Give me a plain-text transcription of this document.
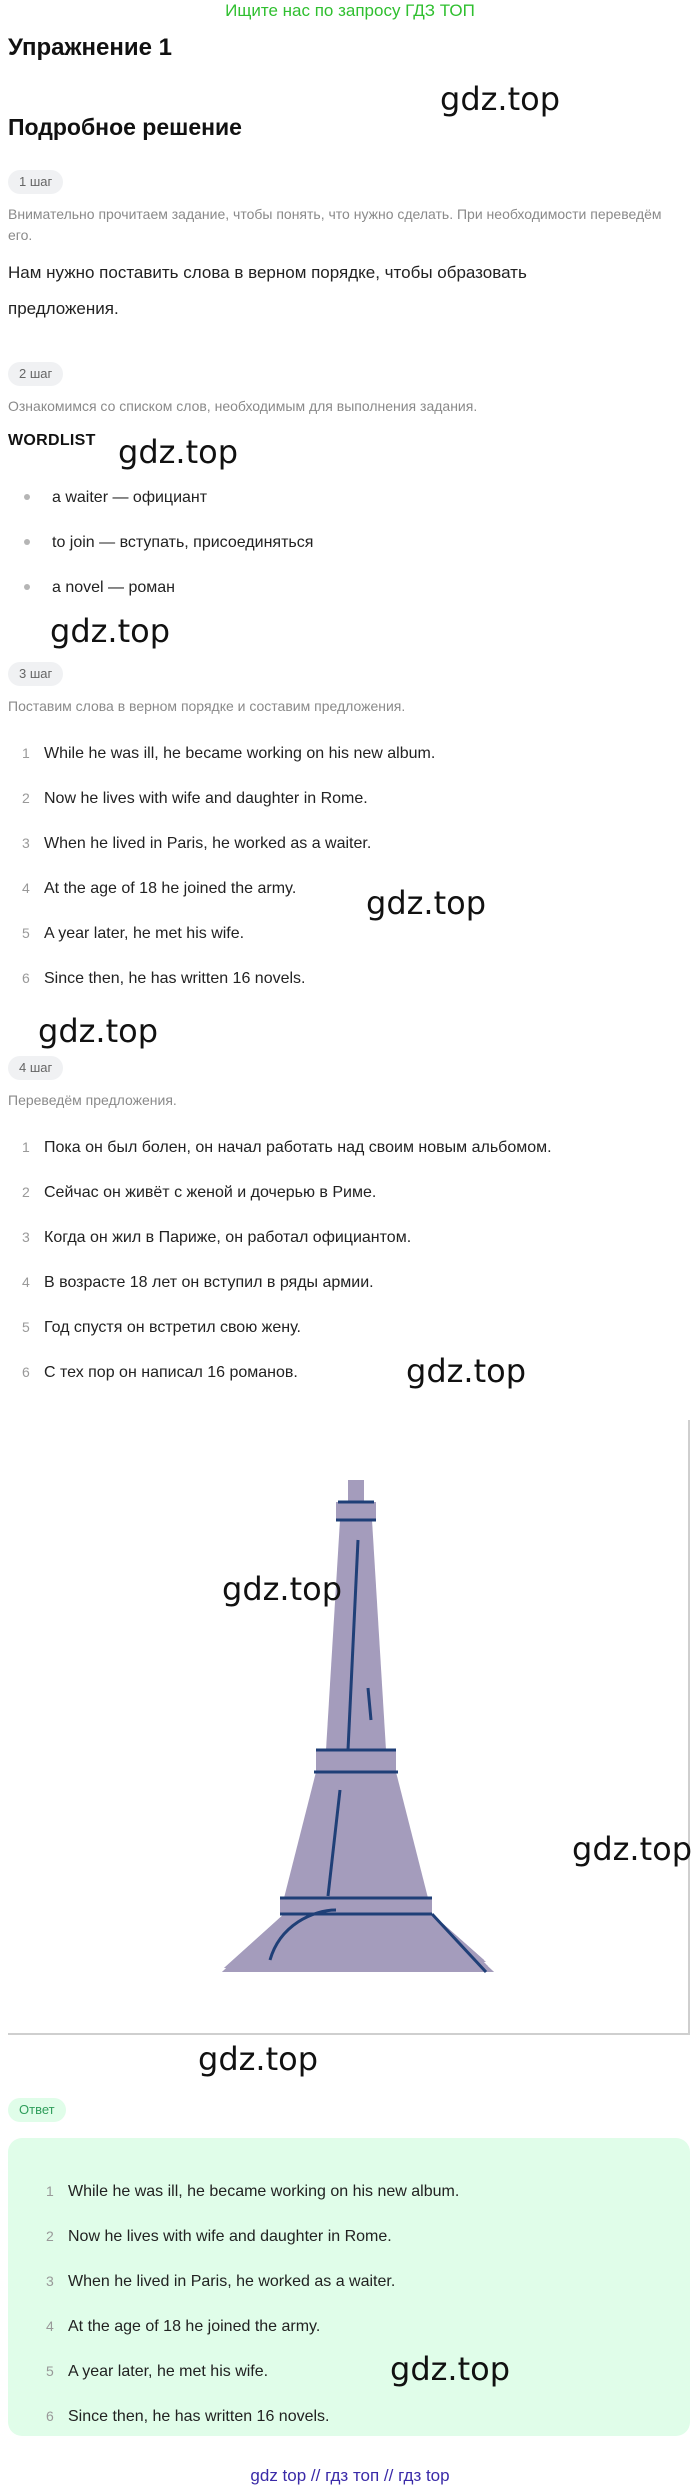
Ищите нас по запросу ГДЗ ТОП
Упражнение 1
gdz.top
Подробное решение
1 шаг
Внимательно прочитаем задание, чтобы понять, что нужно сделать. При необходимости переведём его.
Нам нужно поставить слова в верном порядке, чтобы образовать предложения.
2 шаг
Ознакомимся со списком слов, необходимым для выполнения задания.
WORDLIST gdz.top
a waiter — официант
to join — вступать, присоединяться
a novel — роман
gdz.top
3 шаг
Поставим слова в верном порядке и составим предложения.
1 While he was ill, he became working on his new album.
2 Now he lives with wife and daughter in Rome.
3 When he lived in Paris, he worked as a waiter.
4 At the age of 18 he joined the army. gdz.top
5 A year later, he met his wife.
6 Since then, he has written 16 novels.
gdz.top
4 шаг
Переведём предложения.
1 Пока он был болен, он начал работать над своим новым альбомом.
2 Сейчас он живёт с женой и дочерью в Риме.
3 Когда он жил в Париже, он работал официантом.
4 В возрасте 18 лет он вступил в ряды армии.
5 Год спустя он встретил свою жену.
6 С тех пор он написал 16 романов.	gdz.top
gdz.top
gdz.top
gdz.top
Ответ
1 While he was ill, he became working on his new album.
2 Now he lives with wife and daughter in Rome.
3 When he lived in Paris, he worked as a waiter.
4 At the age of 18 he joined the army.
5 A year later, he met his wife.	gdz.top
6 Since then, he has written 16 novels.
gdz top // гдз топ // гдз top
